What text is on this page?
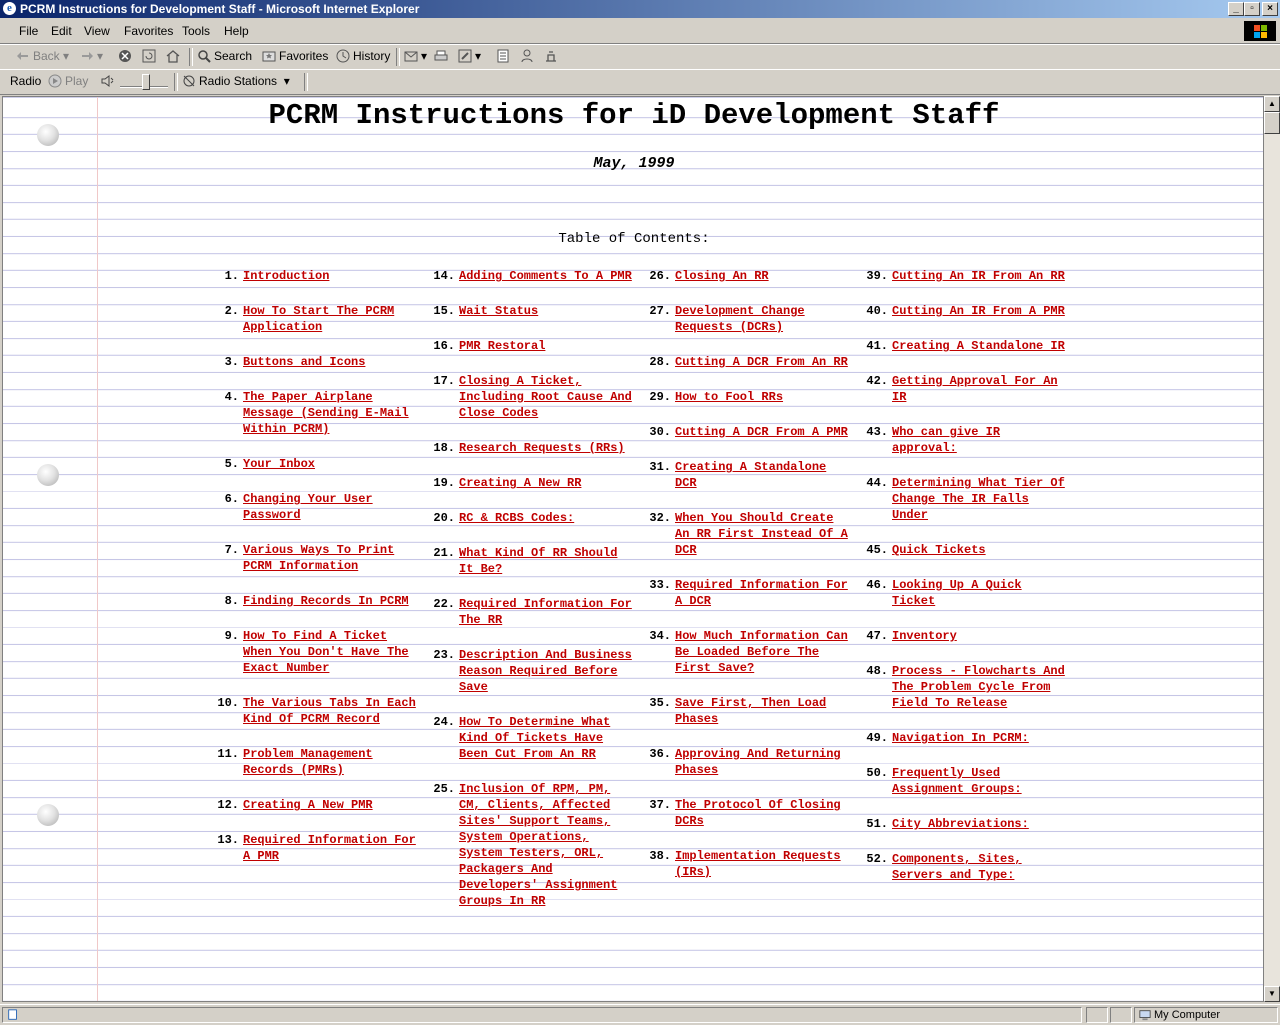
e PCRM Instructions for Development Staff - Microsoft Internet Explorer	_	▫	×
File Edit View Favorites Tools Help
Back ▾	▾	Search	Favorites	History	▾	▾
Radio	Play	Radio Stations  ▾
PCRM Instructions for iD Development Staff
May, 1999
Table of Contents:
1. Introduction
2. How To Start The PCRM Application
3. Buttons and Icons
4. The Paper Airplane Message (Sending E-Mail Within PCRM)
5. Your Inbox
6. Changing Your User Password
7. Various Ways To Print PCRM Information
8. Finding Records In PCRM
9. How To Find A Ticket When You Don't Have The Exact Number
10. The Various Tabs In Each Kind Of PCRM Record
11. Problem Management Records (PMRs)
12. Creating A New PMR
13. Required Information For A PMR
14. Adding Comments To A PMR
15. Wait Status
16. PMR Restoral
17. Closing A Ticket, Including Root Cause And Close Codes
18. Research Requests (RRs)
19. Creating A New RR
20. RC & RCBS Codes:
21. What Kind Of RR Should It Be?
22. Required Information For The RR
23. Description And Business Reason Required Before Save
24. How To Determine What Kind Of Tickets Have Been Cut From An RR
25. Inclusion Of RPM, PM, CM, Clients, Affected Sites' Support Teams, System Operations, System Testers, ORL, Packagers And Developers' Assignment Groups In RR
26. Closing An RR
27. Development Change Requests (DCRs)
28. Cutting A DCR From An RR
29. How to Fool RRs
30. Cutting A DCR From A PMR
31. Creating A Standalone DCR
32. When You Should Create An RR First Instead Of A DCR
33. Required Information For A DCR
34. How Much Information Can Be Loaded Before The First Save?
35. Save First, Then Load Phases
36. Approving And Returning Phases
37. The Protocol Of Closing DCRs
38. Implementation Requests (IRs)
39. Cutting An IR From An RR
40. Cutting An IR From A PMR
41. Creating A Standalone IR
42. Getting Approval For An IR
43. Who can give IR approval:
44. Determining What Tier Of Change The IR Falls Under
45. Quick Tickets
46. Looking Up A Quick Ticket
47. Inventory
48. Process - Flowcharts And The Problem Cycle From Field To Release
49. Navigation In PCRM:
50. Frequently Used Assignment Groups:
51. City Abbreviations:
52. Components, Sites, Servers and Type:
▲
▼
My Computer
